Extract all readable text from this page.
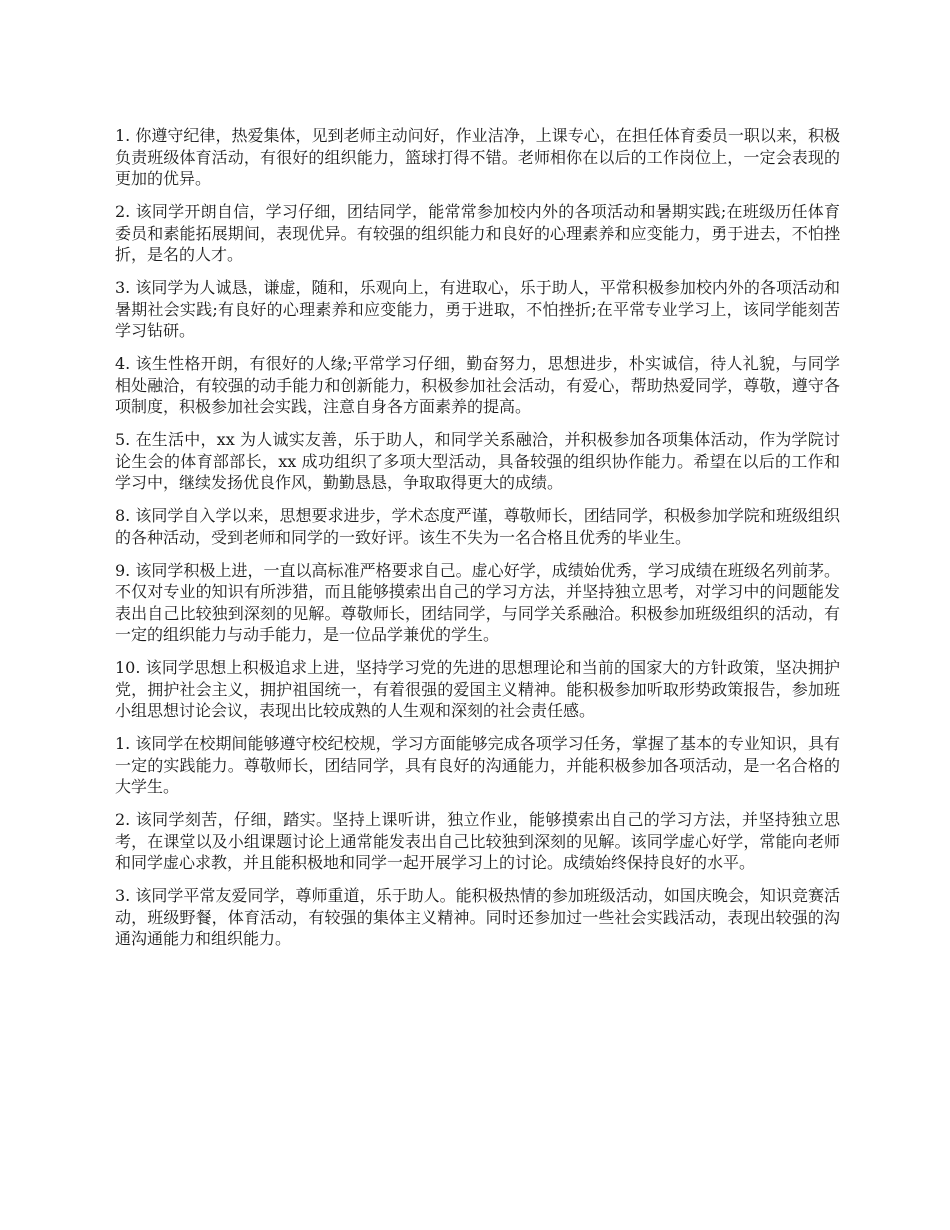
1. 你遵守纪律，热爱集体，见到老师主动问好，作业洁净，上课专心，在担任体育委员一职以来，积极负责班级体育活动，有很好的组织能力，篮球打得不错。老师相你在以后的工作岗位上，一定会表现的更加的优异。

2. 该同学开朗自信，学习仔细，团结同学，能常常参加校内外的各项活动和暑期实践;在班级历任体育委员和素能拓展期间，表现优异。有较强的组织能力和良好的心理素养和应变能力，勇于进去，不怕挫折，是名的人才。

3. 该同学为人诚恳，谦虚，随和，乐观向上，有进取心，乐于助人，平常积极参加校内外的各项活动和暑期社会实践;有良好的心理素养和应变能力，勇于进取，不怕挫折;在平常专业学习上，该同学能刻苦学习钻研。

4. 该生性格开朗，有很好的人缘;平常学习仔细，勤奋努力，思想进步，朴实诚信，待人礼貌，与同学相处融洽，有较强的动手能力和创新能力，积极参加社会活动，有爱心，帮助热爱同学，尊敬，遵守各项制度，积极参加社会实践，注意自身各方面素养的提高。

5. 在生活中，xx 为人诚实友善，乐于助人，和同学关系融洽，并积极参加各项集体活动，作为学院讨论生会的体育部部长，xx 成功组织了多项大型活动，具备较强的组织协作能力。希望在以后的工作和学习中，继续发扬优良作风，勤勤恳恳，争取取得更大的成绩。

8. 该同学自入学以来，思想要求进步，学术态度严谨，尊敬师长，团结同学，积极参加学院和班级组织的各种活动，受到老师和同学的一致好评。该生不失为一名合格且优秀的毕业生。

9. 该同学积极上进，一直以高标准严格要求自己。虚心好学，成绩始优秀，学习成绩在班级名列前茅。不仅对专业的知识有所涉猎，而且能够摸索出自己的学习方法，并坚持独立思考，对学习中的问题能发表出自己比较独到深刻的见解。尊敬师长，团结同学，与同学关系融洽。积极参加班级组织的活动，有一定的组织能力与动手能力，是一位品学兼优的学生。

10. 该同学思想上积极追求上进，坚持学习党的先进的思想理论和当前的国家大的方针政策，坚决拥护党，拥护社会主义，拥护祖国统一，有着很强的爱国主义精神。能积极参加听取形势政策报告，参加班小组思想讨论会议，表现出比较成熟的人生观和深刻的社会责任感。

1. 该同学在校期间能够遵守校纪校规，学习方面能够完成各项学习任务，掌握了基本的专业知识，具有一定的实践能力。尊敬师长，团结同学，具有良好的沟通能力，并能积极参加各项活动，是一名合格的大学生。

2. 该同学刻苦，仔细，踏实。坚持上课听讲，独立作业，能够摸索出自己的学习方法，并坚持独立思考，在课堂以及小组课题讨论上通常能发表出自己比较独到深刻的见解。该同学虚心好学，常能向老师和同学虚心求教，并且能积极地和同学一起开展学习上的讨论。成绩始终保持良好的水平。

3. 该同学平常友爱同学，尊师重道，乐于助人。能积极热情的参加班级活动，如国庆晚会，知识竞赛活动，班级野餐，体育活动，有较强的集体主义精神。同时还参加过一些社会实践活动，表现出较强的沟通沟通能力和组织能力。
